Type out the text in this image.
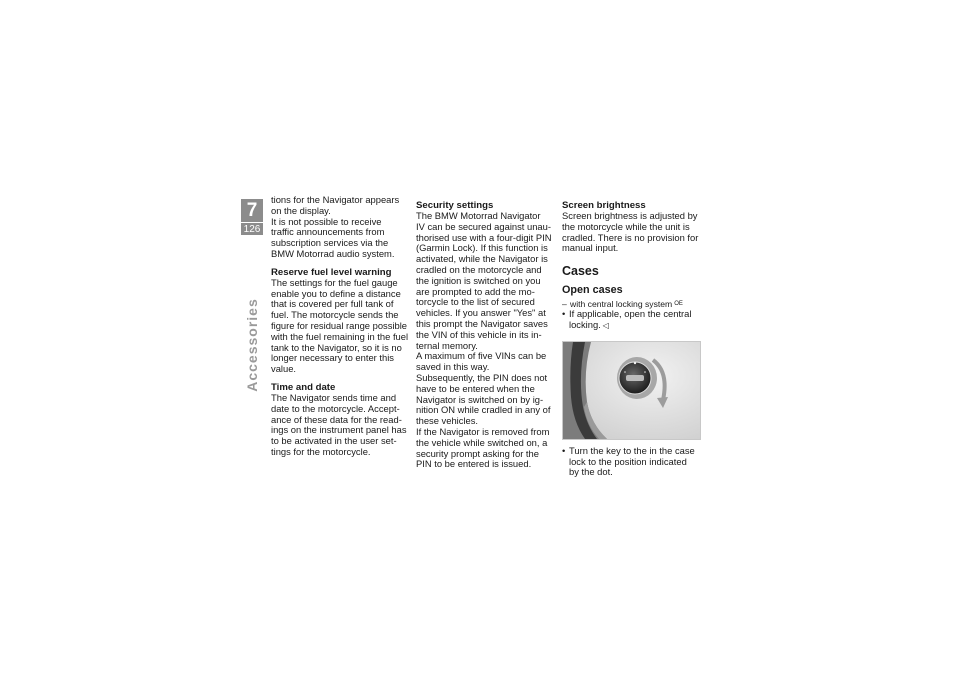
7
126
Accessories

tions for the Navigator appears

on the display.

It is not possible to receive

traffic announcements from

subscription services via the

BMW Motorrad audio system.

Reserve fuel level warning

The settings for the fuel gauge

enable you to define a distance

that is covered per full tank of

fuel. The motorcycle sends the

figure for residual range possible

with the fuel remaining in the fuel

tank to the Navigator, so it is no

longer necessary to enter this

value.

Time and date

The Navigator sends time and

date to the motorcycle. Accept-

ance of these data for the read-

ings on the instrument panel has

to be activated in the user set-

tings for the motorcycle.

Security settings

The BMW Motorrad Navigator

IV can be secured against unau-

thorised use with a four-digit PIN

(Garmin Lock). If this function is

activated, while the Navigator is

cradled on the motorcycle and

the ignition is switched on you

are prompted to add the mo-

torcycle to the list of secured

vehicles. If you answer "Yes" at

this prompt the Navigator saves

the VIN of this vehicle in its in-

ternal memory.

A maximum of five VINs can be

saved in this way.

Subsequently, the PIN does not

have to be entered when the

Navigator is switched on by ig-

nition ON while cradled in any of

these vehicles.

If the Navigator is removed from

the vehicle while switched on, a

security prompt asking for the

PIN to be entered is issued.

Screen brightness

Screen brightness is adjusted by

the motorcycle while the unit is

cradled. There is no provision for

manual input.

Cases
Open cases
– with central locking system $^{OE}$
• If applicable, open the central
locking. ◁
• Turn the key to the in the case
lock to the position indicated
by the dot.
